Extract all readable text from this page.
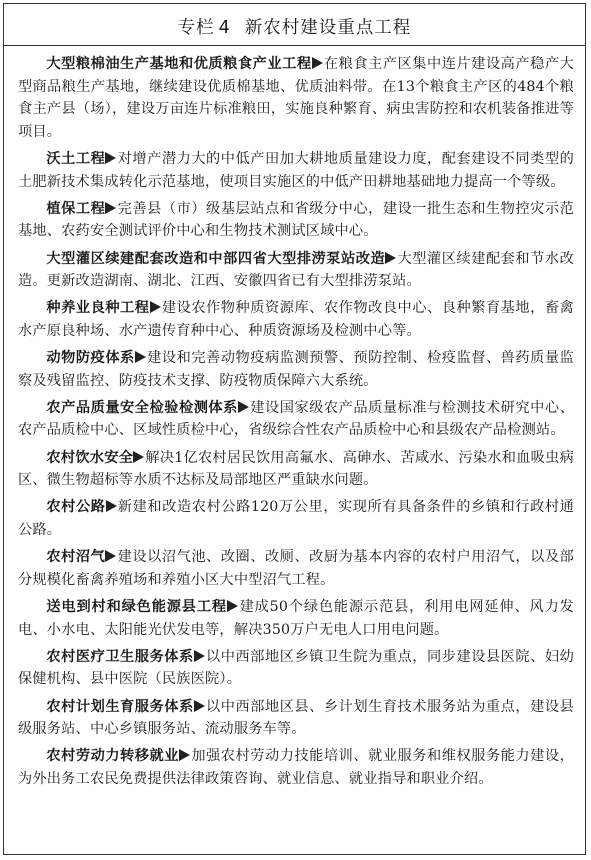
专栏 4 新农村建设重点工程

大型粮棉油生产基地和优质粮食产业工程 在粮食主产区集中连片建设高产稳产大型商品粮生产基地，继续建设优质棉基地、优质油料带。在13个粮食主产区的484个粮食主产县（场），建设万亩连片标准粮田，实施良种繁育、病虫害防控和农机装备推进等项目。

沃土工程 对增产潜力大的中低产田加大耕地质量建设力度，配套建设不同类型的土肥新技术集成转化示范基地，使项目实施区的中低产田耕地基础地力提高一个等级。

植保工程 完善县（市）级基层站点和省级分中心，建设一批生态和生物控灾示范基地、农药安全测试评价中心和生物技术测试区域中心。

大型灌区续建配套改造和中部四省大型排涝泵站改造 大型灌区续建配套和节水改造。更新改造湖南、湖北、江西、安徽四省已有大型排涝泵站。

种养业良种工程 建设农作物种质资源库、农作物改良中心、良种繁育基地，畜禽水产原良种场、水产遗传育种中心、种质资源场及检测中心等。

动物防疫体系 建设和完善动物疫病监测预警、预防控制、检疫监督、兽药质量监察及残留监控、防疫技术支撑、防疫物质保障六大系统。

农产品质量安全检验检测体系 建设国家级农产品质量标准与检测技术研究中心、农产品质检中心、区域性质检中心，省级综合性农产品质检中心和县级农产品检测站。

农村饮水安全 解决1亿农村居民饮用高氟水、高砷水、苦咸水、污染水和血吸虫病区、微生物超标等水质不达标及局部地区严重缺水问题。

农村公路 新建和改造农村公路120万公里，实现所有具备条件的乡镇和行政村通公路。

农村沼气 建设以沼气池、改圈、改厕、改厨为基本内容的农村户用沼气，以及部分规模化畜禽养殖场和养殖小区大中型沼气工程。

送电到村和绿色能源县工程 建成50个绿色能源示范县，利用电网延伸、风力发电、小水电、太阳能光伏发电等，解决350万户无电人口用电问题。

农村医疗卫生服务体系 以中西部地区乡镇卫生院为重点，同步建设县医院、妇幼保健机构、县中医院（民族医院）。

农村计划生育服务体系 以中西部地区县、乡计划生育技术服务站为重点，建设县级服务站、中心乡镇服务站、流动服务车等。

农村劳动力转移就业 加强农村劳动力技能培训、就业服务和维权服务能力建设，为外出务工农民免费提供法律政策咨询、就业信息、就业指导和职业介绍。
